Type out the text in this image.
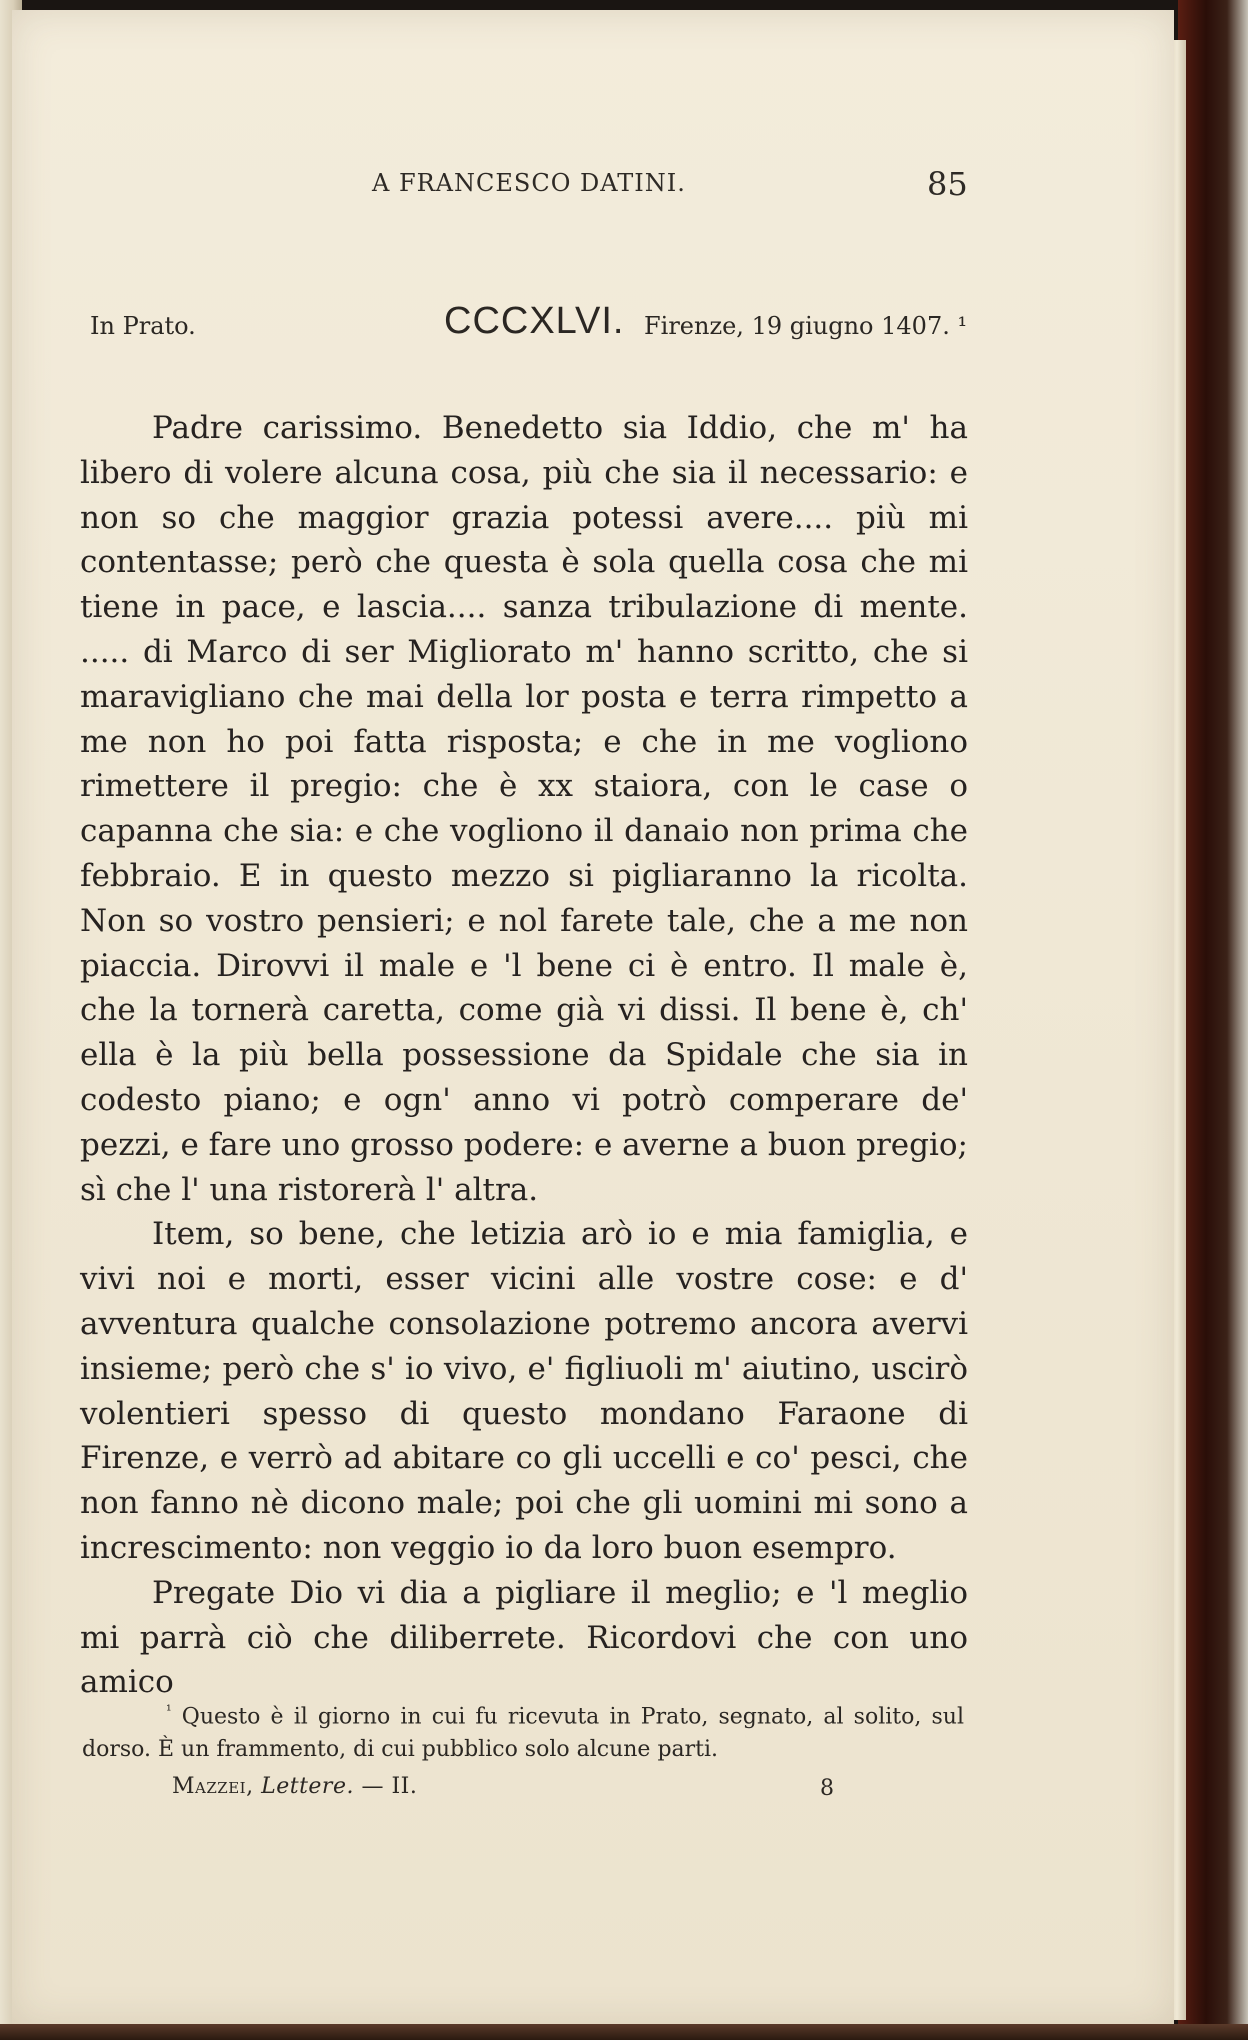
A FRANCESCO DATINI.	85
In Prato.	CCCXLVI. Firenze, 19 giugno 1407. ¹

Padre carissimo. Benedetto sia Iddio, che m' ha libero di volere alcuna cosa, più che sia il necessario: e non so che maggior grazia potessi avere.... più mi contentasse; però che questa è sola quella cosa che mi tiene in pace, e lascia.... sanza tribulazione di mente. ..... di Marco di ser Migliorato m' hanno scritto, che si maravigliano che mai della lor posta e terra rimpetto a me non ho poi fatta risposta; e che in me vogliono rimettere il pregio: che è xx staiora, con le case o capanna che sia: e che vogliono il danaio non prima che febbraio. E in questo mezzo si pigliaranno la ricolta. Non so vostro pensieri; e nol farete tale, che a me non piaccia. Dirovvi il male e 'l bene ci è entro. Il male è, che la tornerà caretta, come già vi dissi. Il bene è, ch' ella è la più bella possessione da Spidale che sia in codesto piano; e ogn' anno vi potrò comperare de' pezzi, e fare uno grosso podere: e averne a buon pregio; sì che l' una ristorerà l' altra.

Item, so bene, che letizia arò io e mia famiglia, e vivi noi e morti, esser vicini alle vostre cose: e d' avventura qualche consolazione potremo ancora avervi insieme; però che s' io vivo, e' figliuoli m' aiutino, uscirò volentieri spesso di questo mondano Faraone di Firenze, e verrò ad abitare co gli uccelli e co' pesci, che non fanno nè dicono male; poi che gli uomini mi sono a increscimento: non veggio io da loro buon esempro.

Pregate Dio vi dia a pigliare il meglio; e 'l meglio mi parrà ciò che diliberrete. Ricordovi che con uno amico

$^{^1}$ Questo è il giorno in cui fu ricevuta in Prato, segnato, al solito, sul dorso. È un frammento, di cui pubblico solo alcune parti.
Mazzei, Lettere. — II.	8
